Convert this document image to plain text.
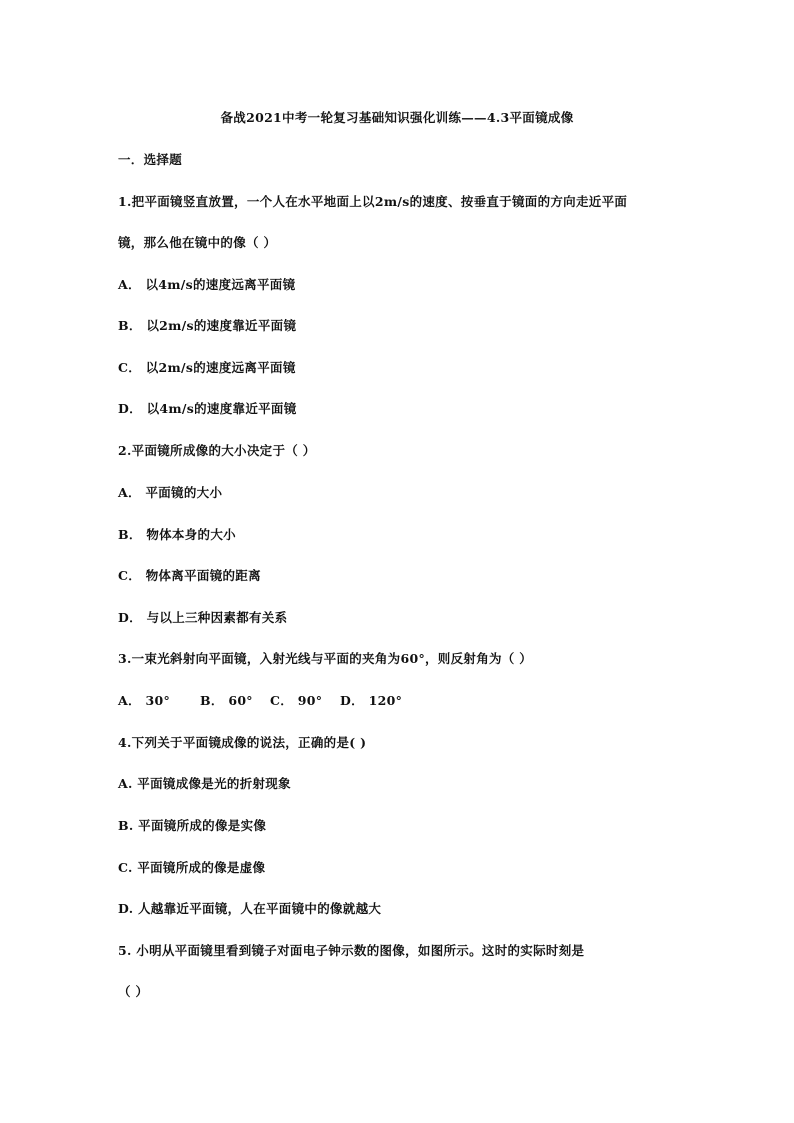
备战2021中考一轮复习基础知识强化训练——4.3平面镜成像
一．选择题
1.把平面镜竖直放置，一个人在水平地面上以2m/s的速度、按垂直于镜面的方向走近平面
镜，那么他在镜中的像（ ）
A． 以4m/s的速度远离平面镜
B． 以2m/s的速度靠近平面镜
C． 以2m/s的速度远离平面镜
D． 以4m/s的速度靠近平面镜
2.平面镜所成像的大小决定于（ ）
A． 平面镜的大小
B． 物体本身的大小
C． 物体离平面镜的距离
D． 与以上三种因素都有关系
3.一束光斜射向平面镜，入射光线与平面的夹角为60°，则反射角为（ ）
A． 30° B． 60° C． 90° D． 120°
4.下列关于平面镜成像的说法，正确的是( )
A. 平面镜成像是光的折射现象
B. 平面镜所成的像是实像
C. 平面镜所成的像是虚像
D. 人越靠近平面镜，人在平面镜中的像就越大
5. 小明从平面镜里看到镜子对面电子钟示数的图像，如图所示。这时的实际时刻是
（ ）
